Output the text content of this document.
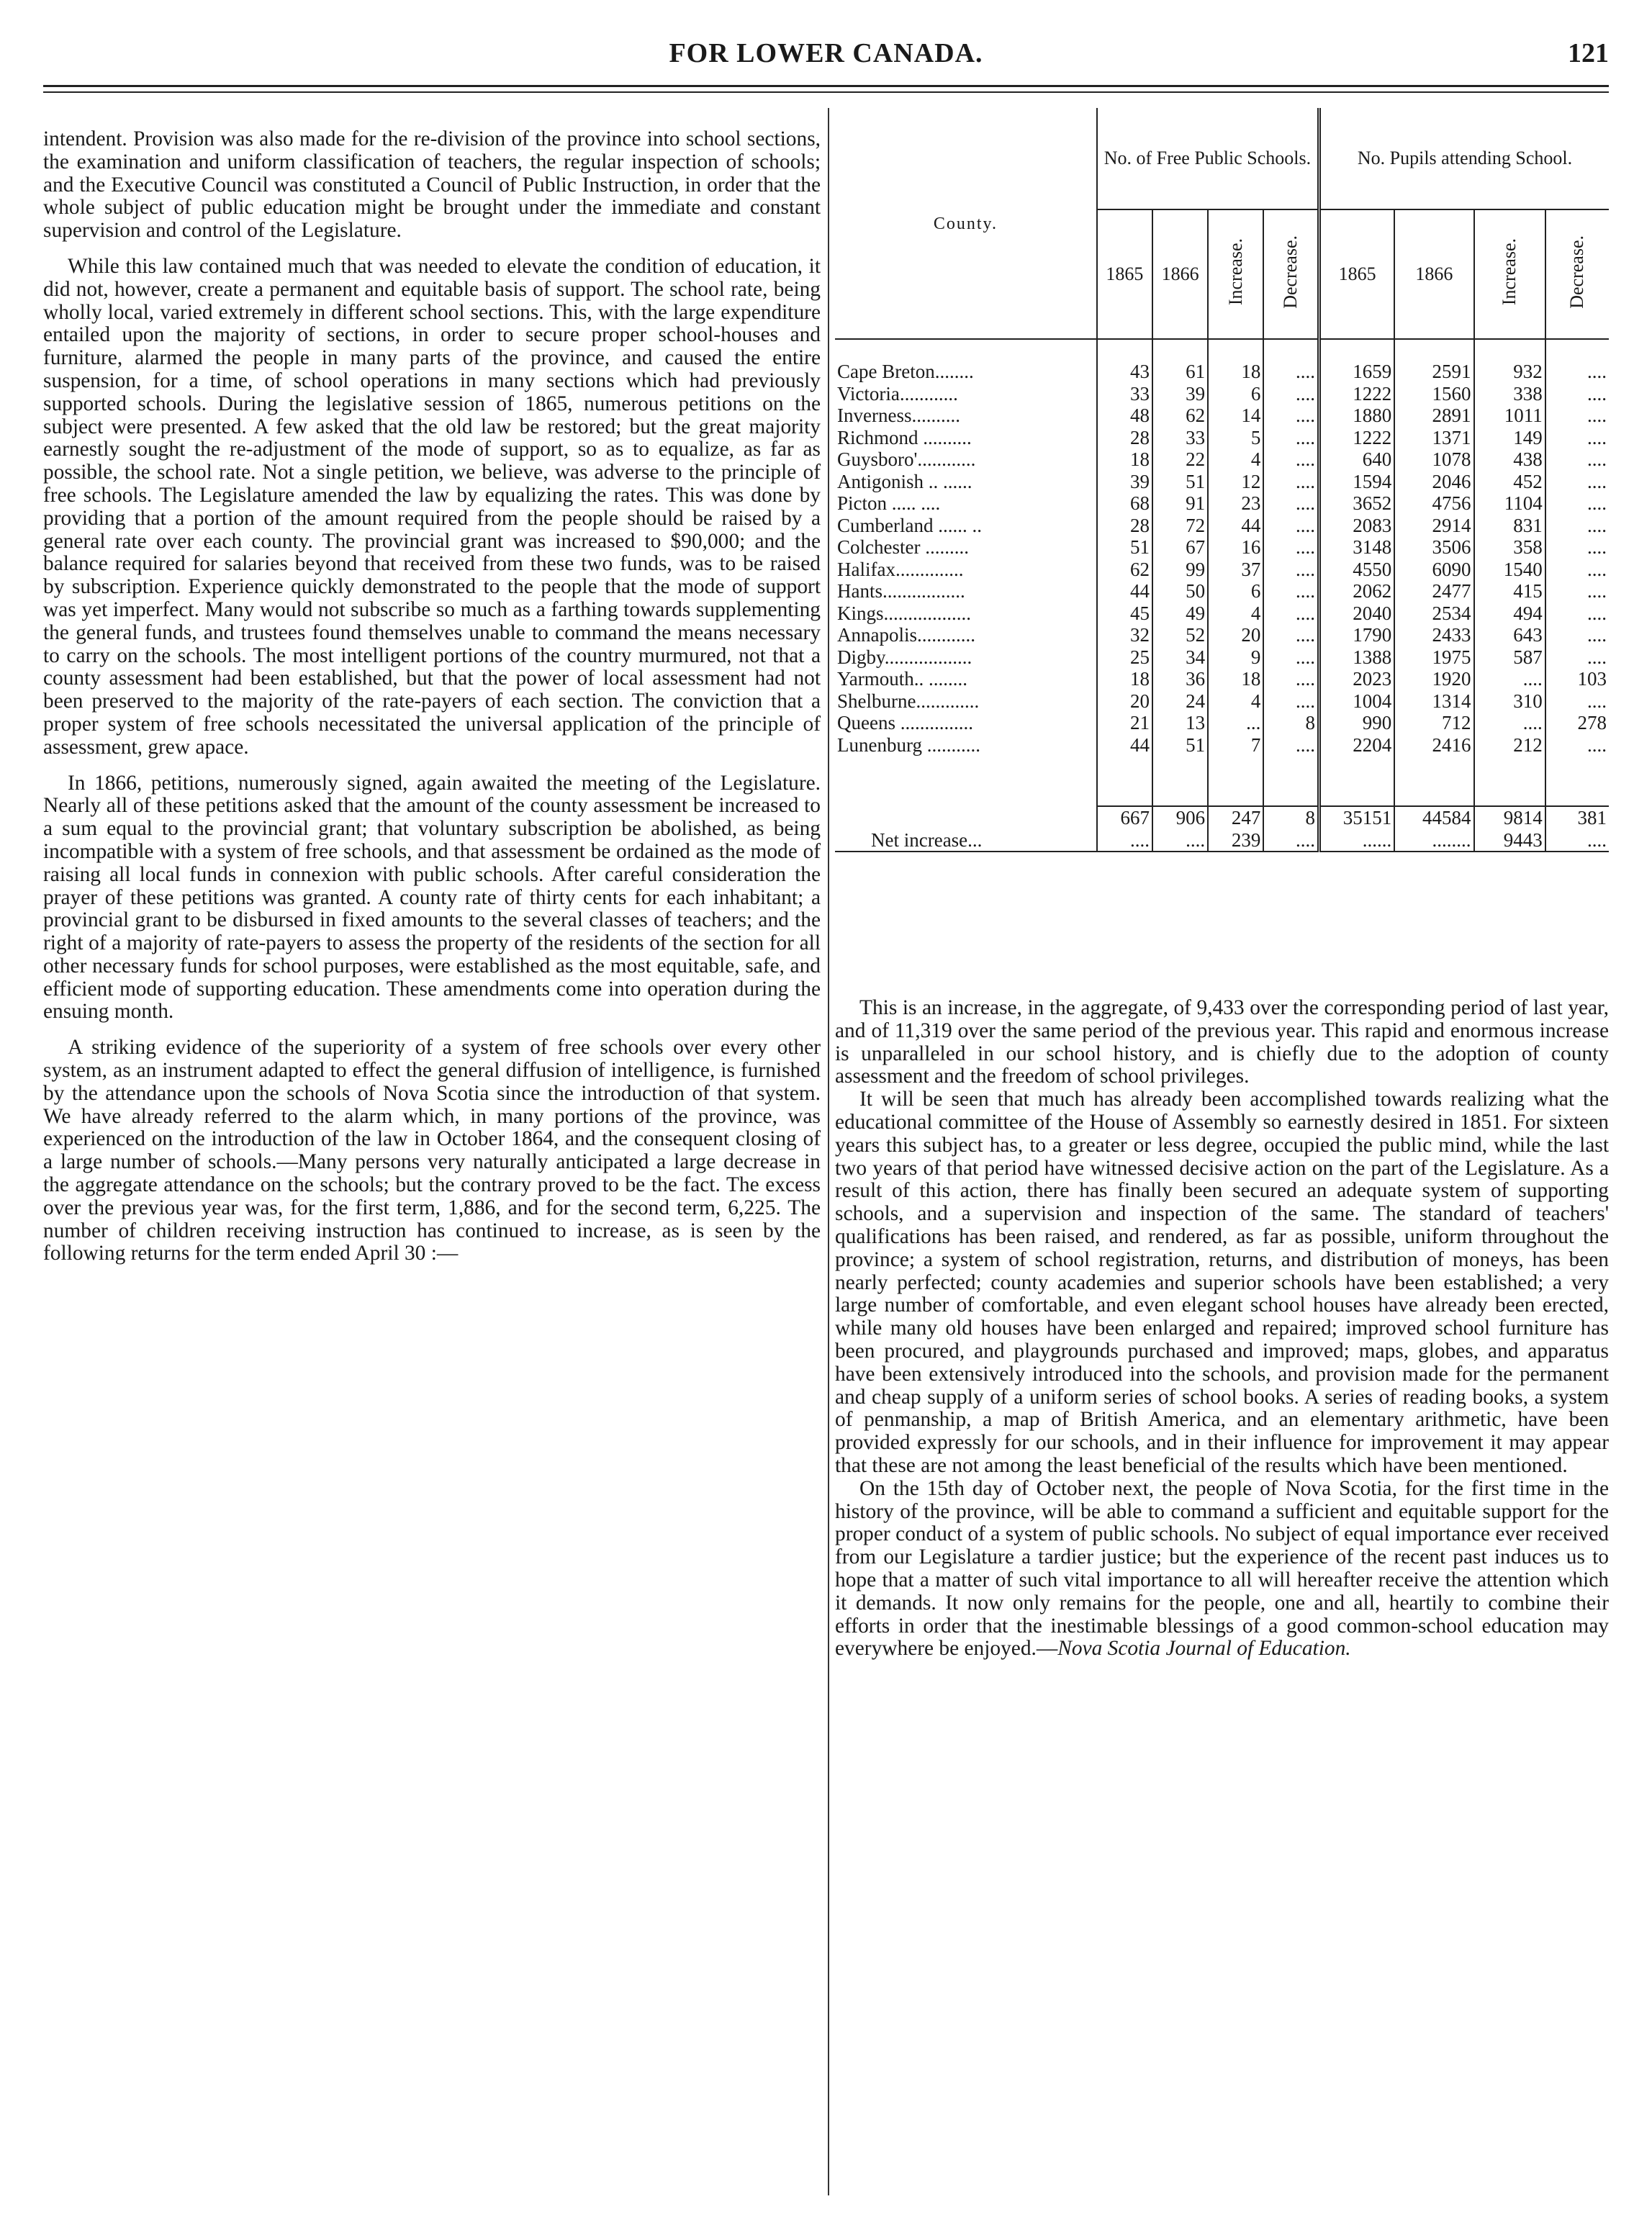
FOR LOWER CANADA.	121

intendent. Provision was also made for the re-division of the province into school sections, the examination and uniform classification of teachers, the regular inspection of schools; and the Executive Council was constituted a Council of Public Instruction, in order that the whole subject of public education might be brought under the immediate and constant supervision and control of the Legislature.

While this law contained much that was needed to elevate the condition of education, it did not, however, create a permanent and equitable basis of support. The school rate, being wholly local, varied extremely in different school sections. This, with the large expenditure entailed upon the majority of sections, in order to secure proper school-houses and furniture, alarmed the people in many parts of the province, and caused the entire suspension, for a time, of school operations in many sections which had previously supported schools. During the legislative session of 1865, numerous petitions on the subject were presented. A few asked that the old law be restored; but the great majority earnestly sought the re-adjustment of the mode of support, so as to equalize, as far as possible, the school rate. Not a single petition, we believe, was adverse to the principle of free schools. The Legislature amended the law by equalizing the rates. This was done by providing that a portion of the amount required from the people should be raised by a general rate over each county. The provincial grant was increased to $90,000; and the balance required for salaries beyond that received from these two funds, was to be raised by subscription. Experience quickly demonstrated to the people that the mode of support was yet imperfect. Many would not subscribe so much as a farthing towards supplementing the general funds, and trustees found themselves unable to command the means necessary to carry on the schools. The most intelligent portions of the country murmured, not that a county assessment had been established, but that the power of local assessment had not been preserved to the majority of the rate-payers of each section. The conviction that a proper system of free schools necessitated the universal application of the principle of assessment, grew apace.

In 1866, petitions, numerously signed, again awaited the meeting of the Legislature. Nearly all of these petitions asked that the amount of the county assessment be increased to a sum equal to the provincial grant; that voluntary subscription be abolished, as being incompatible with a system of free schools, and that assessment be ordained as the mode of raising all local funds in connexion with public schools. After careful consideration the prayer of these petitions was granted. A county rate of thirty cents for each inhabitant; a provincial grant to be disbursed in fixed amounts to the several classes of teachers; and the right of a majority of rate-payers to assess the property of the residents of the section for all other necessary funds for school purposes, were established as the most equitable, safe, and efficient mode of supporting education. These amendments come into operation during the ensuing month.

A striking evidence of the superiority of a system of free schools over every other system, as an instrument adapted to effect the general diffusion of intelligence, is furnished by the attendance upon the schools of Nova Scotia since the introduction of that system. We have already referred to the alarm which, in many portions of the province, was experienced on the introduction of the law in October 1864, and the consequent closing of a large number of schools.—Many persons very naturally anticipated a large decrease in the aggregate attendance on the schools; but the contrary proved to be the fact. The excess over the previous year was, for the first term, 1,886, and for the second term, 6,225. The number of children receiving instruction has continued to increase, as is seen by the following returns for the term ended April 30 :—

County.	No. of Free Public Schools.				No. Pupils attending School.			
	1865	1866	Increase.	Decrease.	1865	1866	Increase.	Decrease.

Cape Breton........	43	61	18	....	1659	2591	932	....
Victoria............	33	39	6	....	1222	1560	338	....
Inverness..........	48	62	14	....	1880	2891	1011	....
Richmond ..........	28	33	5	....	1222	1371	149	....
Guysboro'............	18	22	4	....	640	1078	438	....
Antigonish .. ......	39	51	12	....	1594	2046	452	....
Picton ..... ....	68	91	23	....	3652	4756	1104	....
Cumberland ...... ..	28	72	44	....	2083	2914	831	....
Colchester .........	51	67	16	....	3148	3506	358	....
Halifax..............	62	99	37	....	4550	6090	1540	....
Hants.................	44	50	6	....	2062	2477	415	....
Kings..................	45	49	4	....	2040	2534	494	....
Annapolis............	32	52	20	....	1790	2433	643	....
Digby..................	25	34	9	....	1388	1975	587	....
Yarmouth.. ........	18	36	18	....	2023	1920	....	103
Shelburne.............	20	24	4	....	1004	1314	310	....
Queens ...............	21	13	...	8	990	712	....	278
Lunenburg ...........	44	51	7	....	2204	2416	212	....

	667	906	247	8	35151	44584	9814	381
Net increase...	....	....	239	....	......	........	9443	....

This is an increase, in the aggregate, of 9,433 over the corresponding period of last year, and of 11,319 over the same period of the previous year. This rapid and enormous increase is unparalleled in our school history, and is chiefly due to the adoption of county assessment and the freedom of school privileges.

It will be seen that much has already been accomplished towards realizing what the educational committee of the House of Assembly so earnestly desired in 1851. For sixteen years this subject has, to a greater or less degree, occupied the public mind, while the last two years of that period have witnessed decisive action on the part of the Legislature. As a result of this action, there has finally been secured an adequate system of supporting schools, and a supervision and inspection of the same. The standard of teachers' qualifications has been raised, and rendered, as far as possible, uniform throughout the province; a system of school registration, returns, and distribution of moneys, has been nearly perfected; county academies and superior schools have been established; a very large number of comfortable, and even elegant school houses have already been erected, while many old houses have been enlarged and repaired; improved school furniture has been procured, and playgrounds purchased and improved; maps, globes, and apparatus have been extensively introduced into the schools, and provision made for the permanent and cheap supply of a uniform series of school books. A series of reading books, a system of penmanship, a map of British America, and an elementary arithmetic, have been provided expressly for our schools, and in their influence for improvement it may appear that these are not among the least beneficial of the results which have been mentioned.

On the 15th day of October next, the people of Nova Scotia, for the first time in the history of the province, will be able to command a sufficient and equitable support for the proper conduct of a system of public schools. No subject of equal importance ever received from our Legislature a tardier justice; but the experience of the recent past induces us to hope that a matter of such vital importance to all will hereafter receive the attention which it demands. It now only remains for the people, one and all, heartily to combine their efforts in order that the inestimable blessings of a good common-school education may everywhere be enjoyed.—Nova Scotia Journal of Education.
